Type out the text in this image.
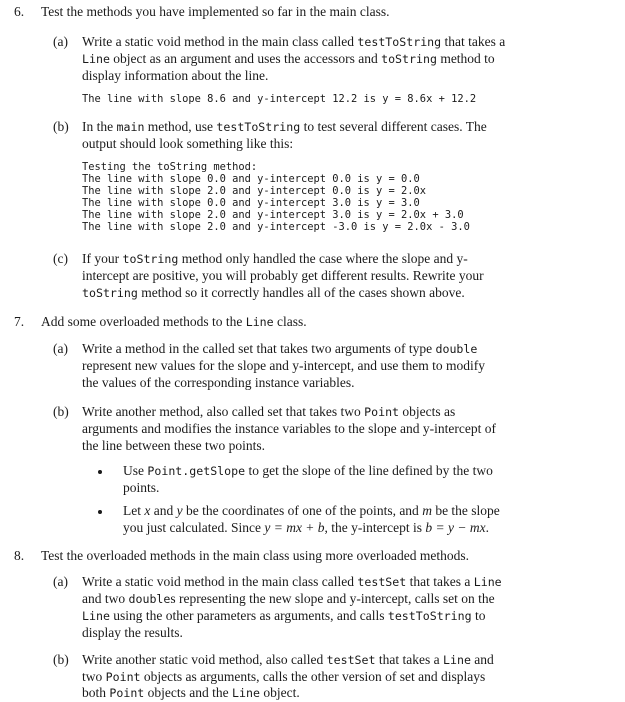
6. Test the methods you have implemented so far in the main class.
(a) Write a static void method in the main class called testToString that takes a
Line object as an argument and uses the accessors and toString method to
display information about the line.
The line with slope 8.6 and y-intercept 12.2 is y = 8.6x + 12.2
(b) In the main method, use testToString to test several different cases. The
output should look something like this:
Testing the toString method:
The line with slope 0.0 and y-intercept 0.0 is y = 0.0
The line with slope 2.0 and y-intercept 0.0 is y = 2.0x
The line with slope 0.0 and y-intercept 3.0 is y = 3.0
The line with slope 2.0 and y-intercept 3.0 is y = 2.0x + 3.0
The line with slope 2.0 and y-intercept -3.0 is y = 2.0x - 3.0
(c) If your toString method only handled the case where the slope and y-
intercept are positive, you will probably get different results. Rewrite your
toString method so it correctly handles all of the cases shown above.
7. Add some overloaded methods to the Line class.
(a) Write a method in the called set that takes two arguments of type double
represent new values for the slope and y-intercept, and use them to modify
the values of the corresponding instance variables.
(b) Write another method, also called set that takes two Point objects as
arguments and modifies the instance variables to the slope and y-intercept of
the line between these two points.
Use Point.getSlope to get the slope of the line defined by the two
points.
Let x and y be the coordinates of one of the points, and m be the slope
you just calculated. Since y = mx + b, the y-intercept is b = y − mx.
8. Test the overloaded methods in the main class using more overloaded methods.
(a) Write a static void method in the main class called testSet that takes a Line
and two doubles representing the new slope and y-intercept, calls set on the
Line using the other parameters as arguments, and calls testToString to
display the results.
(b) Write another static void method, also called testSet that takes a Line and
two Point objects as arguments, calls the other version of set and displays
both Point objects and the Line object.
